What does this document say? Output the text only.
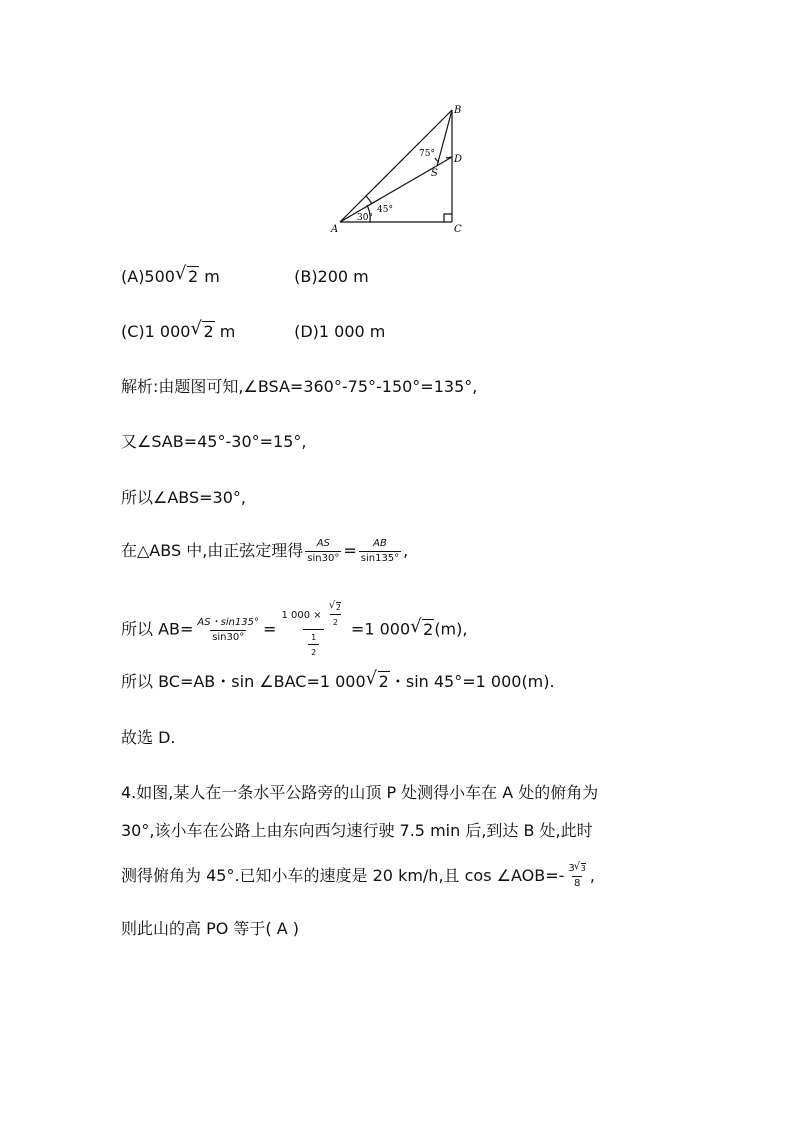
B
D
S
A	C
30°
45°
75°
(A)500√ 2 m	(B)200 m
(C)1 000√ 2 m	(D)1 000 m
解析:由题图可知,∠BSA=360°-75°-150°=135°,
又∠SAB=45°-30°=15°,
所以∠ABS=30°,
在△ABS 中,由正弦定理得 $\frac{AS}{\sin 30^\circ} = \frac{AB}{\sin 135^\circ}$ ,
所以 $AB= \frac{AS・\sin 135^\circ}{\sin 30^\circ} = 1$ 000 ×
√ $\frac{2}{2}$
$\frac{1}{2} =1$ 000√ 2(m),
所以 BC=AB・sin ∠BAC=1 000√ 2・sin 45°=1 000(m).
故选 D.
4.如图,某人在一条水平公路旁的山顶 P 处测得小车在 A 处的俯角为
30°,该小车在公路上由东向西匀速行驶 7.5 min 后,到达 B 处,此时
测得俯角为 45°.已知小车的速度是 20 km/h,且 cos ∠AOB=- $\frac{3√ 3}{8}$ ,
则此山的高 PO 等于( A )
